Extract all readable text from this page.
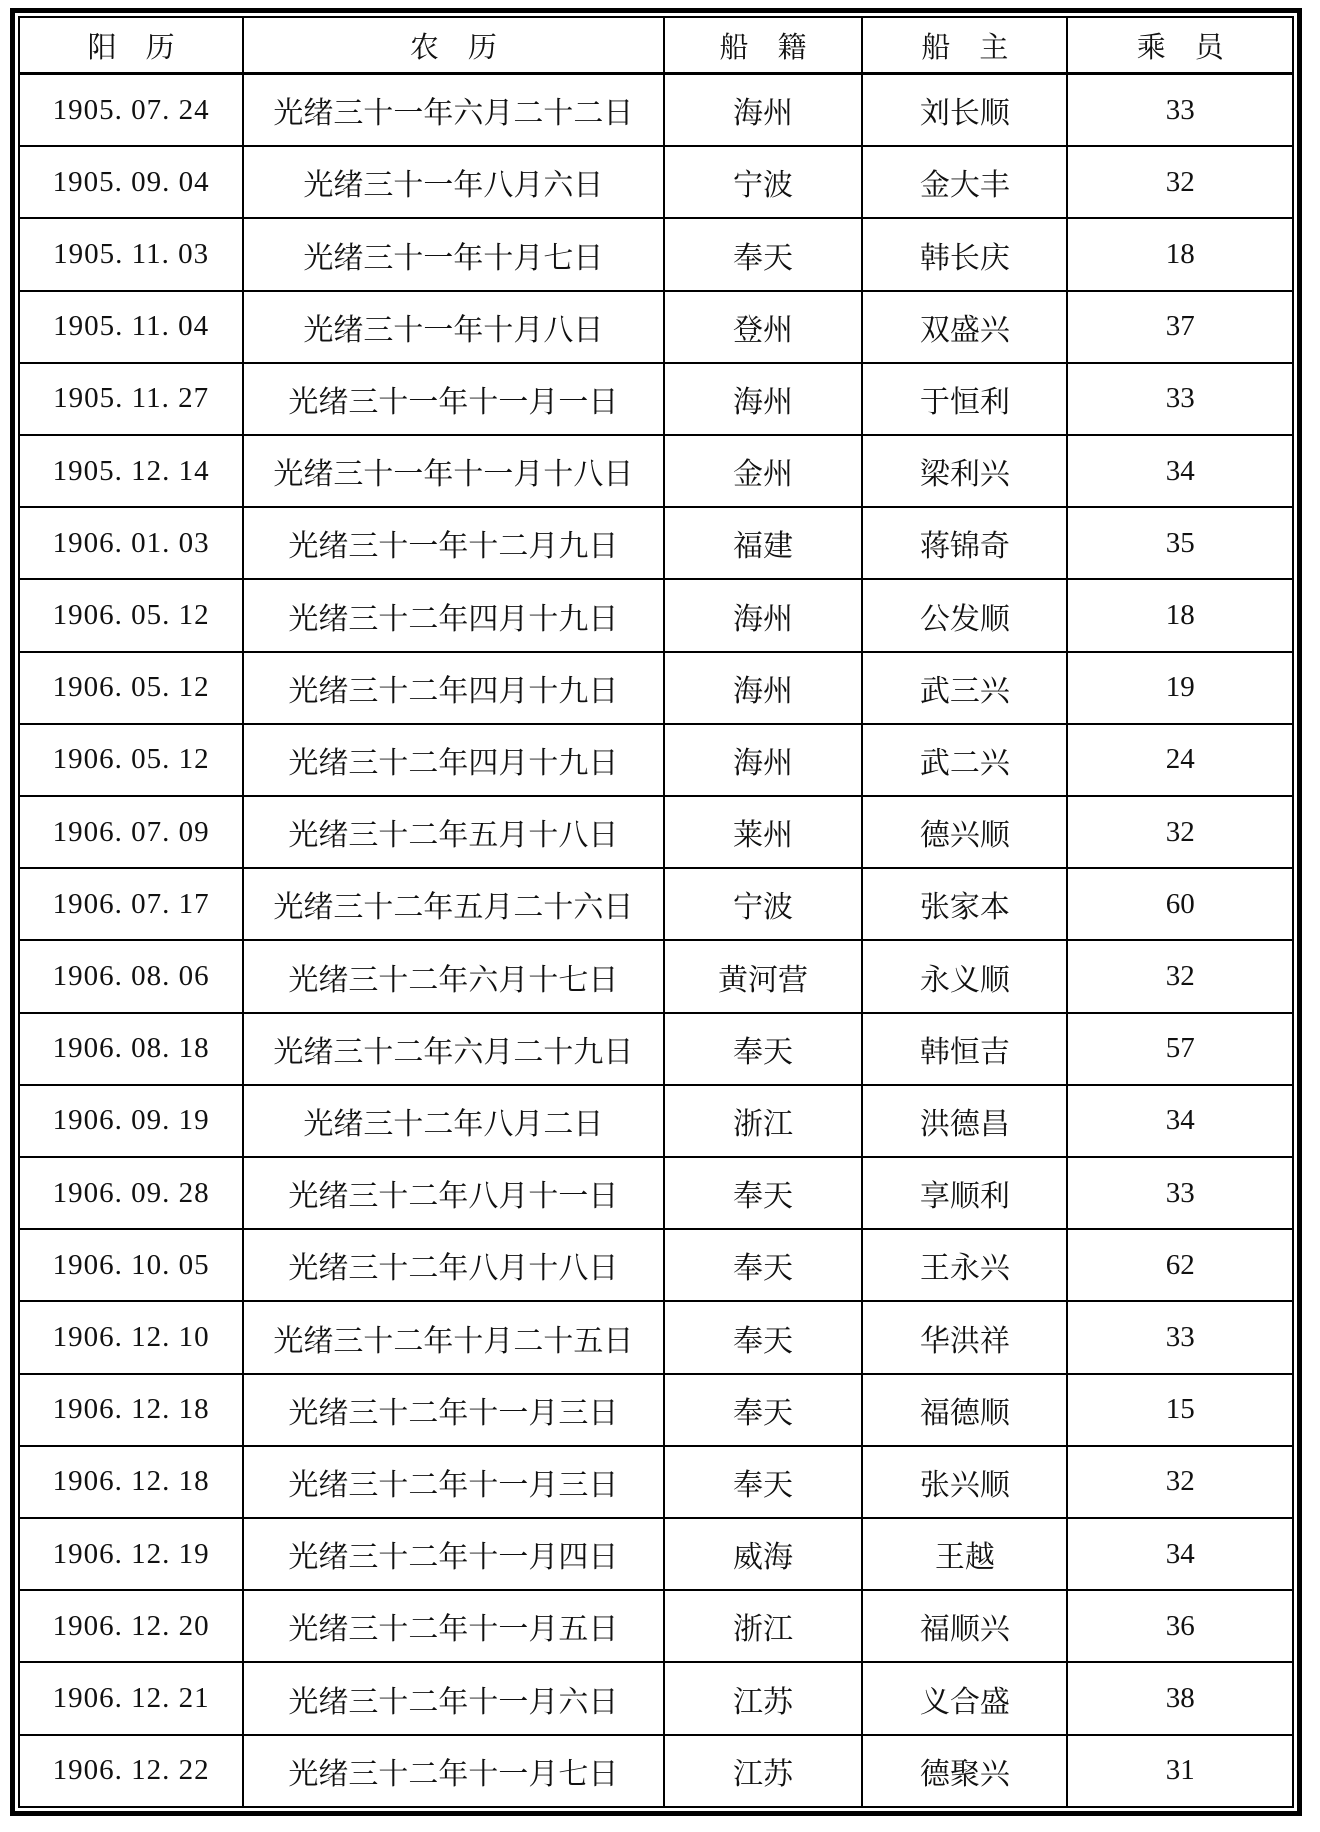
阳　历	农　历	船　籍	船　主	乘　员
1905. 07. 24	光绪三十一年六月二十二日	海州	刘长顺	33
1905. 09. 04	光绪三十一年八月六日	宁波	金大丰	32
1905. 11. 03	光绪三十一年十月七日	奉天	韩长庆	18
1905. 11. 04	光绪三十一年十月八日	登州	双盛兴	37
1905. 11. 27	光绪三十一年十一月一日	海州	于恒利	33
1905. 12. 14	光绪三十一年十一月十八日	金州	梁利兴	34
1906. 01. 03	光绪三十一年十二月九日	福建	蒋锦奇	35
1906. 05. 12	光绪三十二年四月十九日	海州	公发顺	18
1906. 05. 12	光绪三十二年四月十九日	海州	武三兴	19
1906. 05. 12	光绪三十二年四月十九日	海州	武二兴	24
1906. 07. 09	光绪三十二年五月十八日	莱州	德兴顺	32
1906. 07. 17	光绪三十二年五月二十六日	宁波	张家本	60
1906. 08. 06	光绪三十二年六月十七日	黄河营	永义顺	32
1906. 08. 18	光绪三十二年六月二十九日	奉天	韩恒吉	57
1906. 09. 19	光绪三十二年八月二日	浙江	洪德昌	34
1906. 09. 28	光绪三十二年八月十一日	奉天	享顺利	33
1906. 10. 05	光绪三十二年八月十八日	奉天	王永兴	62
1906. 12. 10	光绪三十二年十月二十五日	奉天	华洪祥	33
1906. 12. 18	光绪三十二年十一月三日	奉天	福德顺	15
1906. 12. 18	光绪三十二年十一月三日	奉天	张兴顺	32
1906. 12. 19	光绪三十二年十一月四日	威海	王越	34
1906. 12. 20	光绪三十二年十一月五日	浙江	福顺兴	36
1906. 12. 21	光绪三十二年十一月六日	江苏	义合盛	38
1906. 12. 22	光绪三十二年十一月七日	江苏	德聚兴	31
